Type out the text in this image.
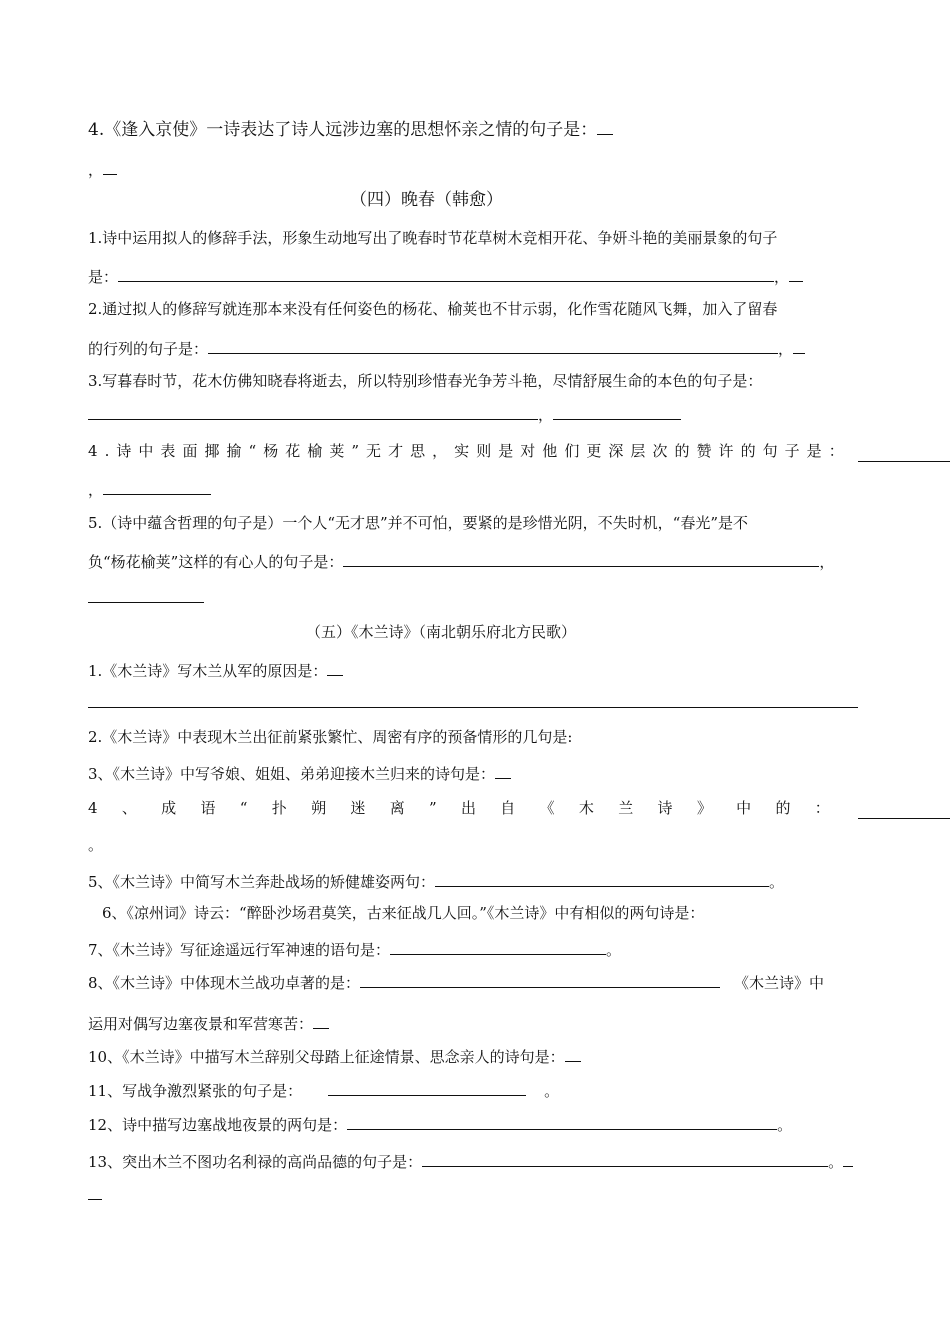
4.《逢入京使》一诗表达了诗人远涉边塞的思想怀亲之情的句子是：
，
（四）晚春（韩愈）
1.诗中运用拟人的修辞手法，形象生动地写出了晚春时节花草树木竞相开花、争妍斗艳的美丽景象的句子
是：	，
2.通过拟人的修辞写就连那本来没有任何姿色的杨花、榆荚也不甘示弱，化作雪花随风飞舞，加入了留春
的行列的句子是：	，
3.写暮春时节，花木仿佛知晓春将逝去，所以特别珍惜春光争芳斗艳，尽情舒展生命的本色的句子是：
，
4 . 诗 中 表 面 揶 揄 “ 杨 花 榆 荚 ” 无 才 思 ， 实 则 是 对 他 们 更 深 层 次 的 赞 许 的 句 子 是 ：
，
5.（诗中蕴含哲理的句子是）一个人“无才思”并不可怕，要紧的是珍惜光阴，不失时机，“春光”是不
负“杨花榆荚”这样的有心人的句子是：	，
（五）《木兰诗》（南北朝乐府北方民歌）
1.《木兰诗》写木兰从军的原因是：
2.《木兰诗》中表现木兰出征前紧张繁忙、周密有序的预备情形的几句是:
3、《木兰诗》中写爷娘、姐姐、弟弟迎接木兰归来的诗句是：
4 、 成 语 “ 扑 朔 迷 离 ” 出 自 《 木 兰 诗 》 中 的 ：
。
5、《木兰诗》中简写木兰奔赴战场的矫健雄姿两句：	。
6、《凉州词》诗云：“醉卧沙场君莫笑，古来征战几人回。”《木兰诗》中有相似的两句诗是：
7、《木兰诗》写征途遥远行军神速的语句是：	。
8、《木兰诗》中体现木兰战功卓著的是：	《木兰诗》中
运用对偶写边塞夜景和军营寒苦：
10、《木兰诗》中描写木兰辞别父母踏上征途情景、思念亲人的诗句是：
11、写战争激烈紧张的句子是：	。
12、诗中描写边塞战地夜景的两句是：	。
13、突出木兰不图功名利禄的高尚品德的句子是：	。
